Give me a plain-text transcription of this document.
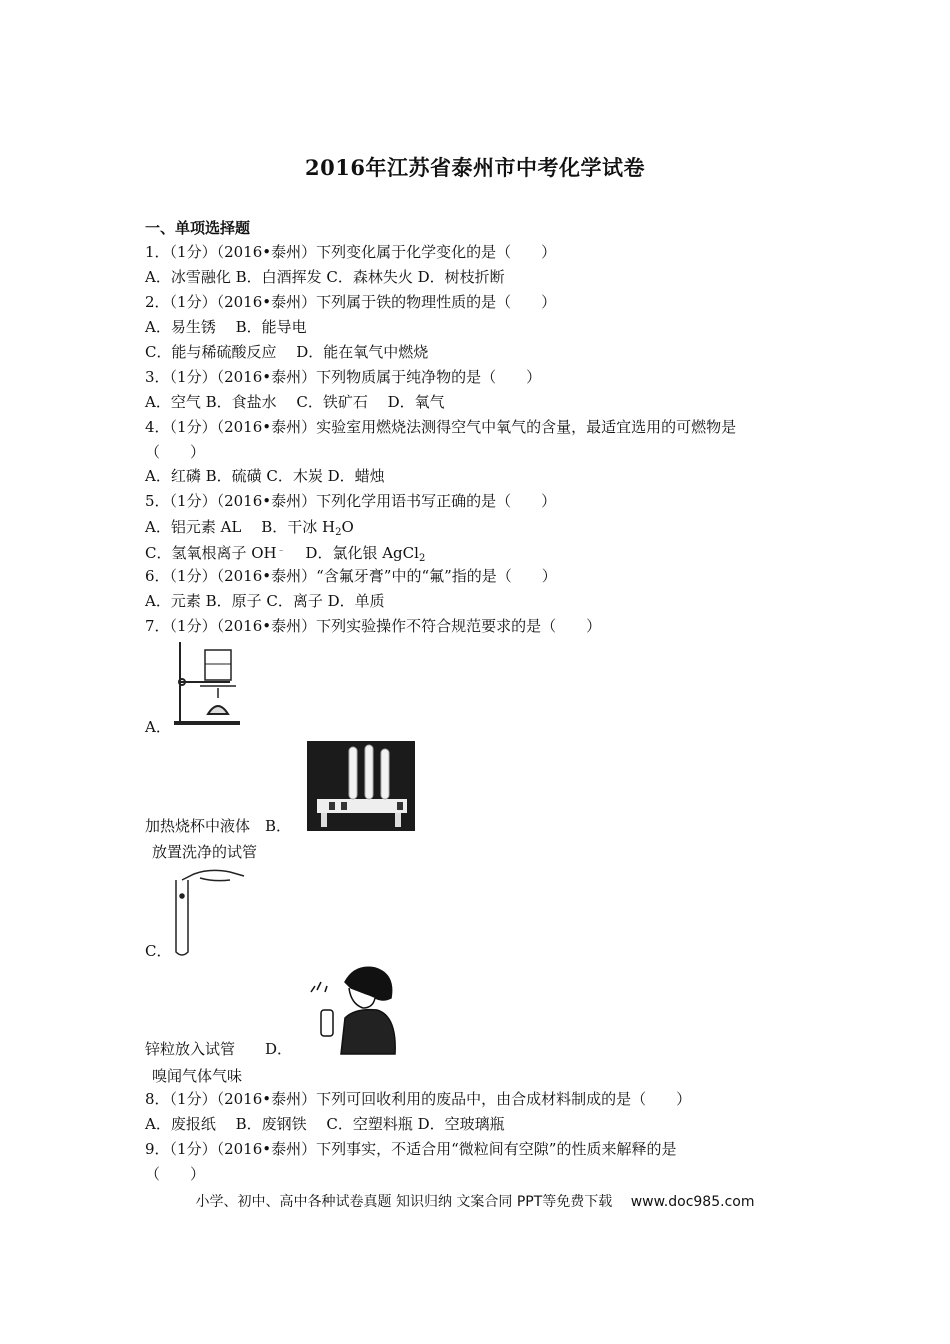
2016年江苏省泰州市中考化学试卷
一、单项选择题
1．（1分）（2016•泰州）下列变化属于化学变化的是（　　）
A．冰雪融化 B．白酒挥发 C．森林失火 D．树枝折断
2．（1分）（2016•泰州）下列属于铁的物理性质的是（　　）
A．易生锈　 B．能导电
C．能与稀硫酸反应　 D．能在氧气中燃烧
3．（1分）（2016•泰州）下列物质属于纯净物的是（　　）
A．空气 B．食盐水　 C．铁矿石　 D．氧气
4．（1分）（2016•泰州）实验室用燃烧法测得空气中氧气的含量，最适宜选用的可燃物是
（　　）
A．红磷 B．硫磺 C．木炭 D．蜡烛
5．（1分）（2016•泰州）下列化学用语书写正确的是（　　）
A．铝元素 AL　 B．干冰 $H_2O$
C．氢氧根离子 OH﹣　 D．氯化银 AgCl$_2$
6．（1分）（2016•泰州）“含氟牙膏”中的“氟”指的是（　　）
A．元素 B．原子 C．离子 D．单质
7．（1分）（2016•泰州）下列实验操作不符合规范要求的是（　　）
A．
加热烧杯中液体　B．
放置洗净的试管
C．
锌粒放入试管　　D．
嗅闻气体气味
8．（1分）（2016•泰州）下列可回收利用的废品中，由合成材料制成的是（　　）
A．废报纸　 B．废钢铁　 C．空塑料瓶 D．空玻璃瓶
9．（1分）（2016•泰州）下列事实，不适合用“微粒间有空隙”的性质来解释的是
（　　）
小学、初中、高中各种试卷真题 知识归纳 文案合同 PPT等免费下载　 www.doc985.com
